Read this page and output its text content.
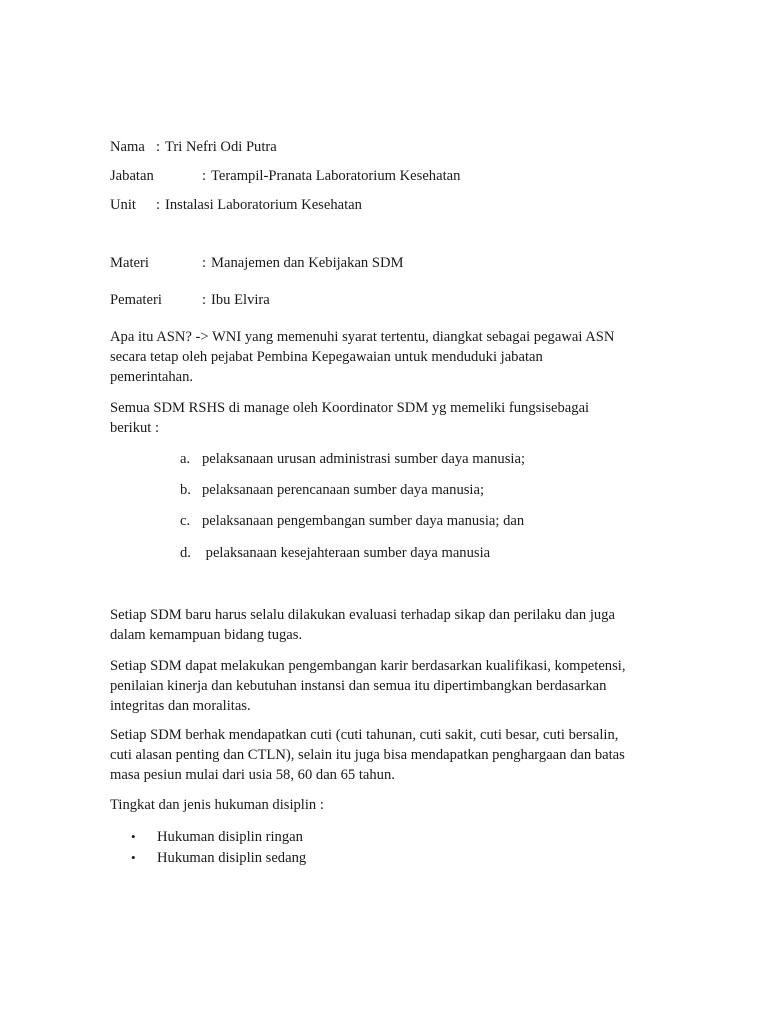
Nama : Tri Nefri Odi Putra
Jabatan	: Terampil-Pranata Laboratorium Kesehatan
Unit : Instalasi Laboratorium Kesehatan
Materi	: Manajemen dan Kebijakan SDM
Pemateri	: Ibu Elvira
Apa itu ASN? -> WNI yang memenuhi syarat tertentu, diangkat sebagai pegawai ASN
secara tetap oleh pejabat Pembina Kepegawaian untuk menduduki jabatan
pemerintahan.
Semua SDM RSHS di manage oleh Koordinator SDM yg memeliki fungsisebagai
berikut :
a. pelaksanaan urusan administrasi sumber daya manusia;
b. pelaksanaan perencanaan sumber daya manusia;
c. pelaksanaan pengembangan sumber daya manusia; dan
d. pelaksanaan kesejahteraan sumber daya manusia
Setiap SDM baru harus selalu dilakukan evaluasi terhadap sikap dan perilaku dan juga
dalam kemampuan bidang tugas.
Setiap SDM dapat melakukan pengembangan karir berdasarkan kualifikasi, kompetensi,
penilaian kinerja dan kebutuhan instansi dan semua itu dipertimbangkan berdasarkan
integritas dan moralitas.
Setiap SDM berhak mendapatkan cuti (cuti tahunan, cuti sakit, cuti besar, cuti bersalin,
cuti alasan penting dan CTLN), selain itu juga bisa mendapatkan penghargaan dan batas
masa pesiun mulai dari usia 58, 60 dan 65 tahun.
Tingkat dan jenis hukuman disiplin :
• Hukuman disiplin ringan
• Hukuman disiplin sedang
